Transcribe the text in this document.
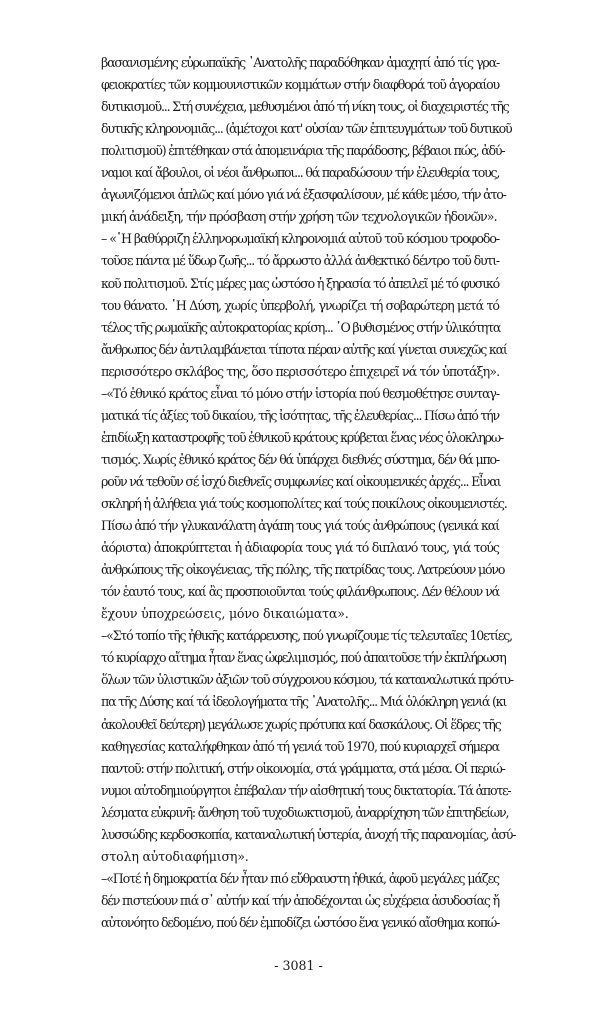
βασανισμένης εὐρωπαϊκῆς ᾿Ανατολῆς παραδόθηκαν ἀμαχητί ἀπό τίς γρα-
φειοκρατίες τῶν κομμουνιστικῶν κομμάτων στήν διαφθορά τοῦ ἀγοραίου
δυτικισμοῦ... Στή συνέχεια, μεθυσμένοι ἀπό τή νίκη τους, οἱ διαχειριστές τῆς
δυτικῆς κληρονομιᾶς... (ἀμέτοχοι κατ' οὐσίαν τῶν ἐπιτευγμάτων τοῦ δυτικοῦ
πολιτισμοῦ) ἐπιτέθηκαν στά ἀπομεινάρια τῆς παράδοσης, βέβαιοι πώς, ἀδύ-
ναμοι καί ἄβουλοι, οἱ νέοι ἄνθρωποι... θά παραδώσουν τήν ἐλευθερία τους,
ἀγωνιζόμενοι ἁπλῶς καί μόνο γιά νά ἐξασφαλίσουν, μέ κάθε μέσο, τήν ἀτο-
μική ἀνάδειξη, τήν πρόσβαση στήν χρήση τῶν τεχνολογικῶν ἡδονῶν».
– «῾Η βαθύρριζη ἑλληνορωμαϊκή κληρονομιά αὐτοῦ τοῦ κόσμου τροφοδο-
τοῦσε πάντα μέ ὕδωρ ζωῆς... τό ἄρρωστο ἀλλά ἀνθεκτικό δέντρο τοῦ δυτι-
κοῦ πολιτισμοῦ. Στίς μέρες μας ὡστόσο ἡ ξηρασία τό ἀπειλεῖ μέ τό φυσικό
του θάνατο. ῾Η Δύση, χωρίς ὑπερβολή, γνωρίζει τή σοβαρώτερη μετά τό
τέλος τῆς ρωμαϊκῆς αὐτοκρατορίας κρίση... ῾Ο βυθισμένος στήν ὑλικότητα
ἄνθρωπος δέν ἀντιλαμβάνεται τίποτα πέραν αὐτῆς καί γίνεται συνεχῶς καί
περισσότερο σκλάβος της, ὅσο περισσότερο ἐπιχειρεῖ νά τόν ὑποτάξη».
–«Τό ἐθνικό κράτος εἶναι τό μόνο στήν ἱστορία πού θεσμοθέτησε συνταγ-
ματικά τίς ἀξίες τοῦ δικαίου, τῆς ἰσότητας, τῆς ἐλευθερίας... Πίσω ἀπό τήν
ἐπιδίωξη καταστροφῆς τοῦ ἐθνικοῦ κράτους κρύβεται ἕνας νέος ὁλοκληρω-
τισμός. Χωρίς ἐθνικό κράτος δέν θά ὑπάρχει διεθνές σύστημα, δέν θά μπο-
ροῦν νά τεθοῦν σέ ἰσχύ διεθνεῖς συμφωνίες καί οἰκουμενικές ἀρχές... Εἶναι
σκληρή ἡ ἀλήθεια γιά τούς κοσμοπολίτες καί τούς ποικίλους οἰκουμενιστές.
Πίσω ἀπό τήν γλυκανάλατη ἀγάπη τους γιά τούς ἀνθρώπους (γενικά καί
ἀόριστα) ἀποκρύπτεται ἡ ἀδιαφορία τους γιά τό διπλανό τους, γιά τούς
ἀνθρώπους τῆς οἰκογένειας, τῆς πόλης, τῆς πατρίδας τους. Λατρεύουν μόνο
τόν ἑαυτό τους, καί ἂς προσποιοῦνται τούς φιλάνθρωπους. Δέν θέλουν νά
ἔχουν ὑποχρεώσεις, μόνο δικαιώματα».
–«Στό τοπίο τῆς ἠθικῆς κατάρρευσης, πού γνωρίζουμε τίς τελευταῖες 10ετίες,
τό κυρίαρχο αἴτημα ἦταν ἕνας ὠφελιμισμός, πού ἀπαιτοῦσε τήν ἐκπλήρωση
ὅλων τῶν ὑλιστικῶν ἀξιῶν τοῦ σύγχρονου κόσμου, τά καταναλωτικά πρότυ-
πα τῆς Δύσης καί τά ἰδεολογήματα τῆς ᾿Ανατολῆς... Μιά ὁλόκληρη γενιά (κι
ἀκολουθεῖ δεύτερη) μεγάλωσε χωρίς πρότυπα καί δασκάλους. Οἱ ἕδρες τῆς
καθηγεσίας καταλήφθηκαν ἀπό τή γενιά τοῦ 1970, πού κυριαρχεῖ σήμερα
παντοῦ: στήν πολιτική, στήν οἰκονομία, στά γράμματα, στά μέσα. Οἱ περιώ-
νυμοι αὐτοδημιούργητοι ἐπέβαλαν τήν αἰσθητική τους δικτατορία. Τά ἀποτε-
λέσματα εὐκρινῆ: ἄνθηση τοῦ τυχοδιωκτισμοῦ, ἀναρρίχηση τῶν ἐπιτηδείων,
λυσσώδης κερδοσκοπία, καταναλωτική ὑστερία, ἀνοχή τῆς παρανομίας, ἀσύ-
στολη αὐτοδιαφήμιση».
–«Ποτέ ἡ δημοκρατία δέν ἦταν πιό εὔθραυστη ἠθικά, ἀφοῦ μεγάλες μάζες
δέν πιστεύουν πιά σ᾽ αὐτήν καί τήν ἀποδέχονται ὡς εὐχέρεια ἀσυδοσίας ἤ
αὐτονόητο δεδομένο, πού δέν ἐμποδίζει ὡστόσο ἕνα γενικό αἴσθημα κοπώ-
- 3081 -
